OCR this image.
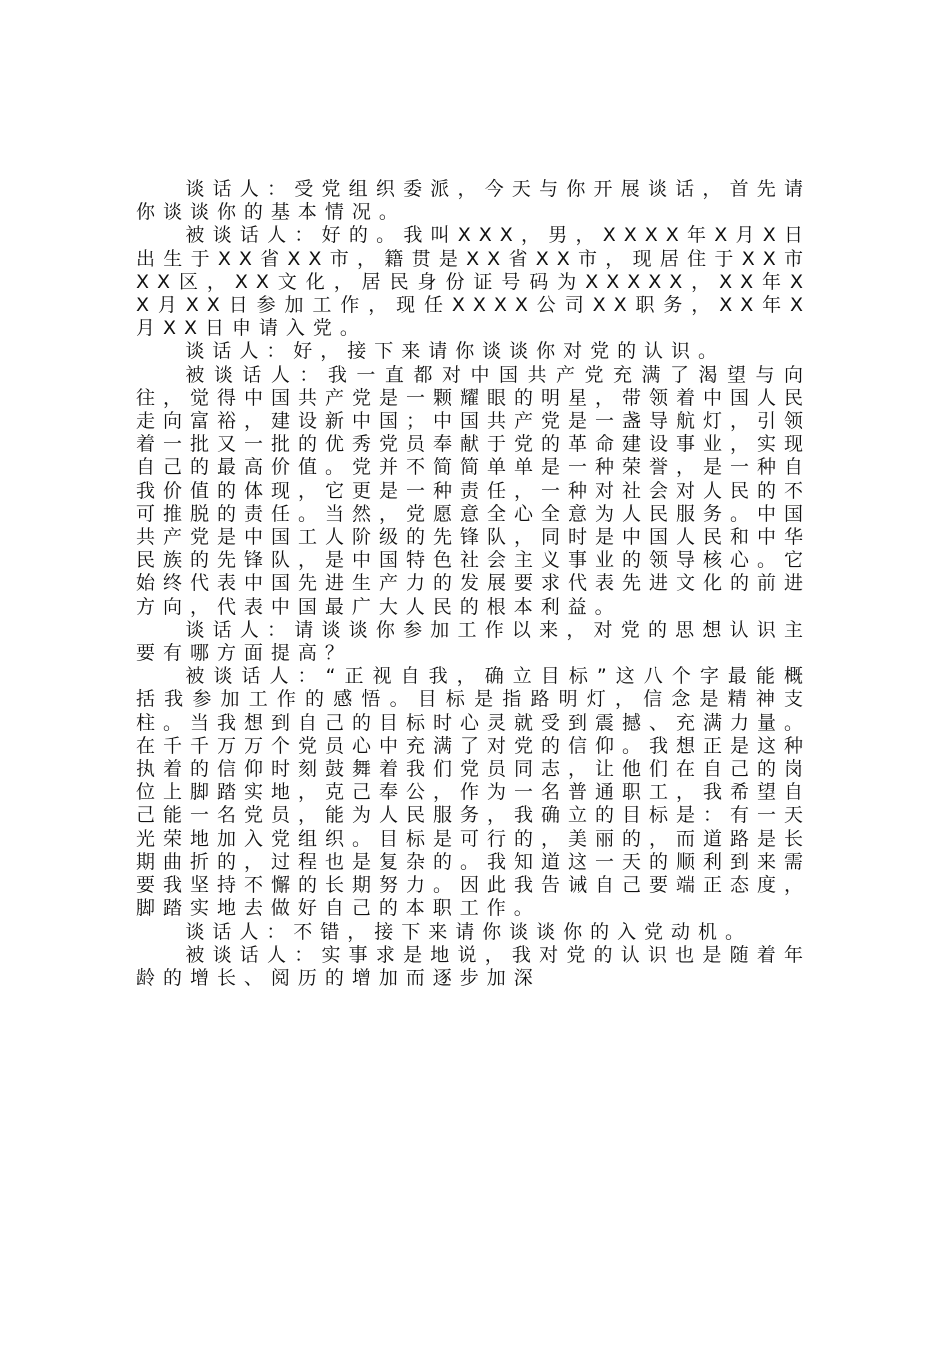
谈话人：受党组织委派，今天与你开展谈话，首先请你谈谈你的基本情况。

被谈话人：好的。我叫XXX，男，XXXX年X月X日出生于XX省XX市，籍贯是XX省XX市，现居住于XX市XX区，XX文化，居民身份证号码为XXXXX，XX年XX月XX日参加工作，现任XXXX公司XX职务，XX年X月XX日申请入党。

谈话人：好，接下来请你谈谈你对党的认识。

被谈话人：我一直都对中国共产党充满了渴望与向往，觉得中国共产党是一颗耀眼的明星，带领着中国人民走向富裕，建设新中国；中国共产党是一盏导航灯，引领着一批又一批的优秀党员奉献于党的革命建设事业，实现自己的最高价值。党并不简简单单是一种荣誉，是一种自我价值的体现，它更是一种责任，一种对社会对人民的不可推脱的责任。当然，党愿意全心全意为人民服务。中国共产党是中国工人阶级的先锋队，同时是中国人民和中华民族的先锋队，是中国特色社会主义事业的领导核心。它始终代表中国先进生产力的发展要求代表先进文化的前进方向，代表中国最广大人民的根本利益。

谈话人：请谈谈你参加工作以来，对党的思想认识主要有哪方面提高？

被谈话人：“正视自我，确立目标”这八个字最能概括我参加工作的感悟。目标是指路明灯，信念是精神支柱。当我想到自己的目标时心灵就受到震撼、充满力量。在千千万万个党员心中充满了对党的信仰。我想正是这种执着的信仰时刻鼓舞着我们党员同志，让他们在自己的岗位上脚踏实地，克己奉公，作为一名普通职工，我希望自己能一名党员，能为人民服务，我确立的目标是：有一天光荣地加入党组织。目标是可行的，美丽的，而道路是长期曲折的，过程也是复杂的。我知道这一天的顺利到来需要我坚持不懈的长期努力。因此我告诫自己要端正态度，脚踏实地去做好自己的本职工作。

谈话人：不错，接下来请你谈谈你的入党动机。

被谈话人：实事求是地说，我对党的认识也是随着年龄的增长、阅历的增加而逐步加深
